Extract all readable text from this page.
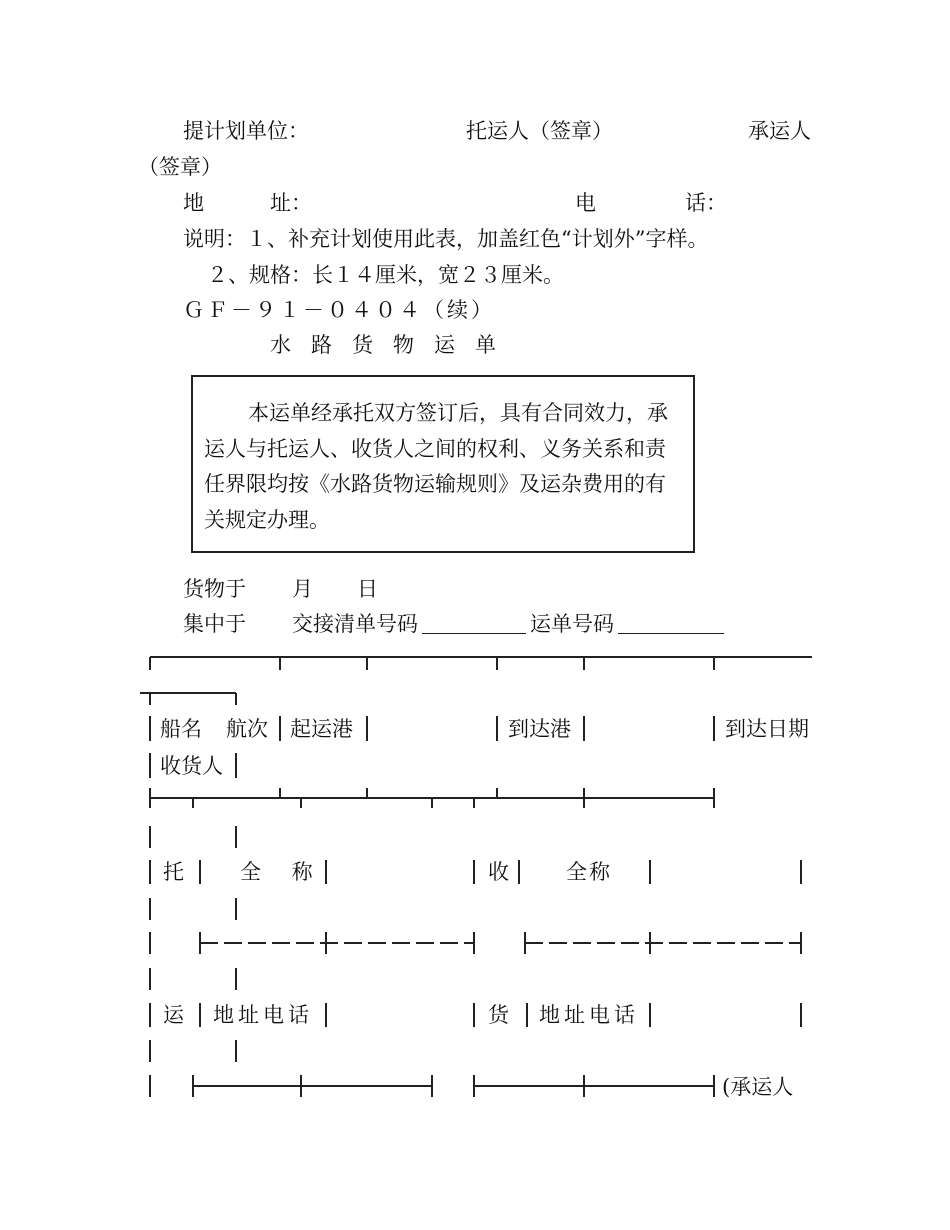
提计划单位：	托运人（签章）	承运人
（签章）
地	址：	电	话：
说明：１、补充计划使用此表，加盖红色“计划外”字样。
２、规格：长１４厘米，宽２３厘米。
ＧＦ－９１－０４０４（续）
水路货物运单
本运单经承托双方签订后，具有合同效力，承
运人与托运人、收货人之间的权利、义务关系和责
任界限均按《水路货物运输规则》及运杂费用的有
关规定办理。
货物于 月 日
集中于 交接清单号码	运单号码
船名 航次 起运港	到达港	到达日期
收货人
托	全 称	收	全称
运 地址电话	货 地址电话
(承运人
